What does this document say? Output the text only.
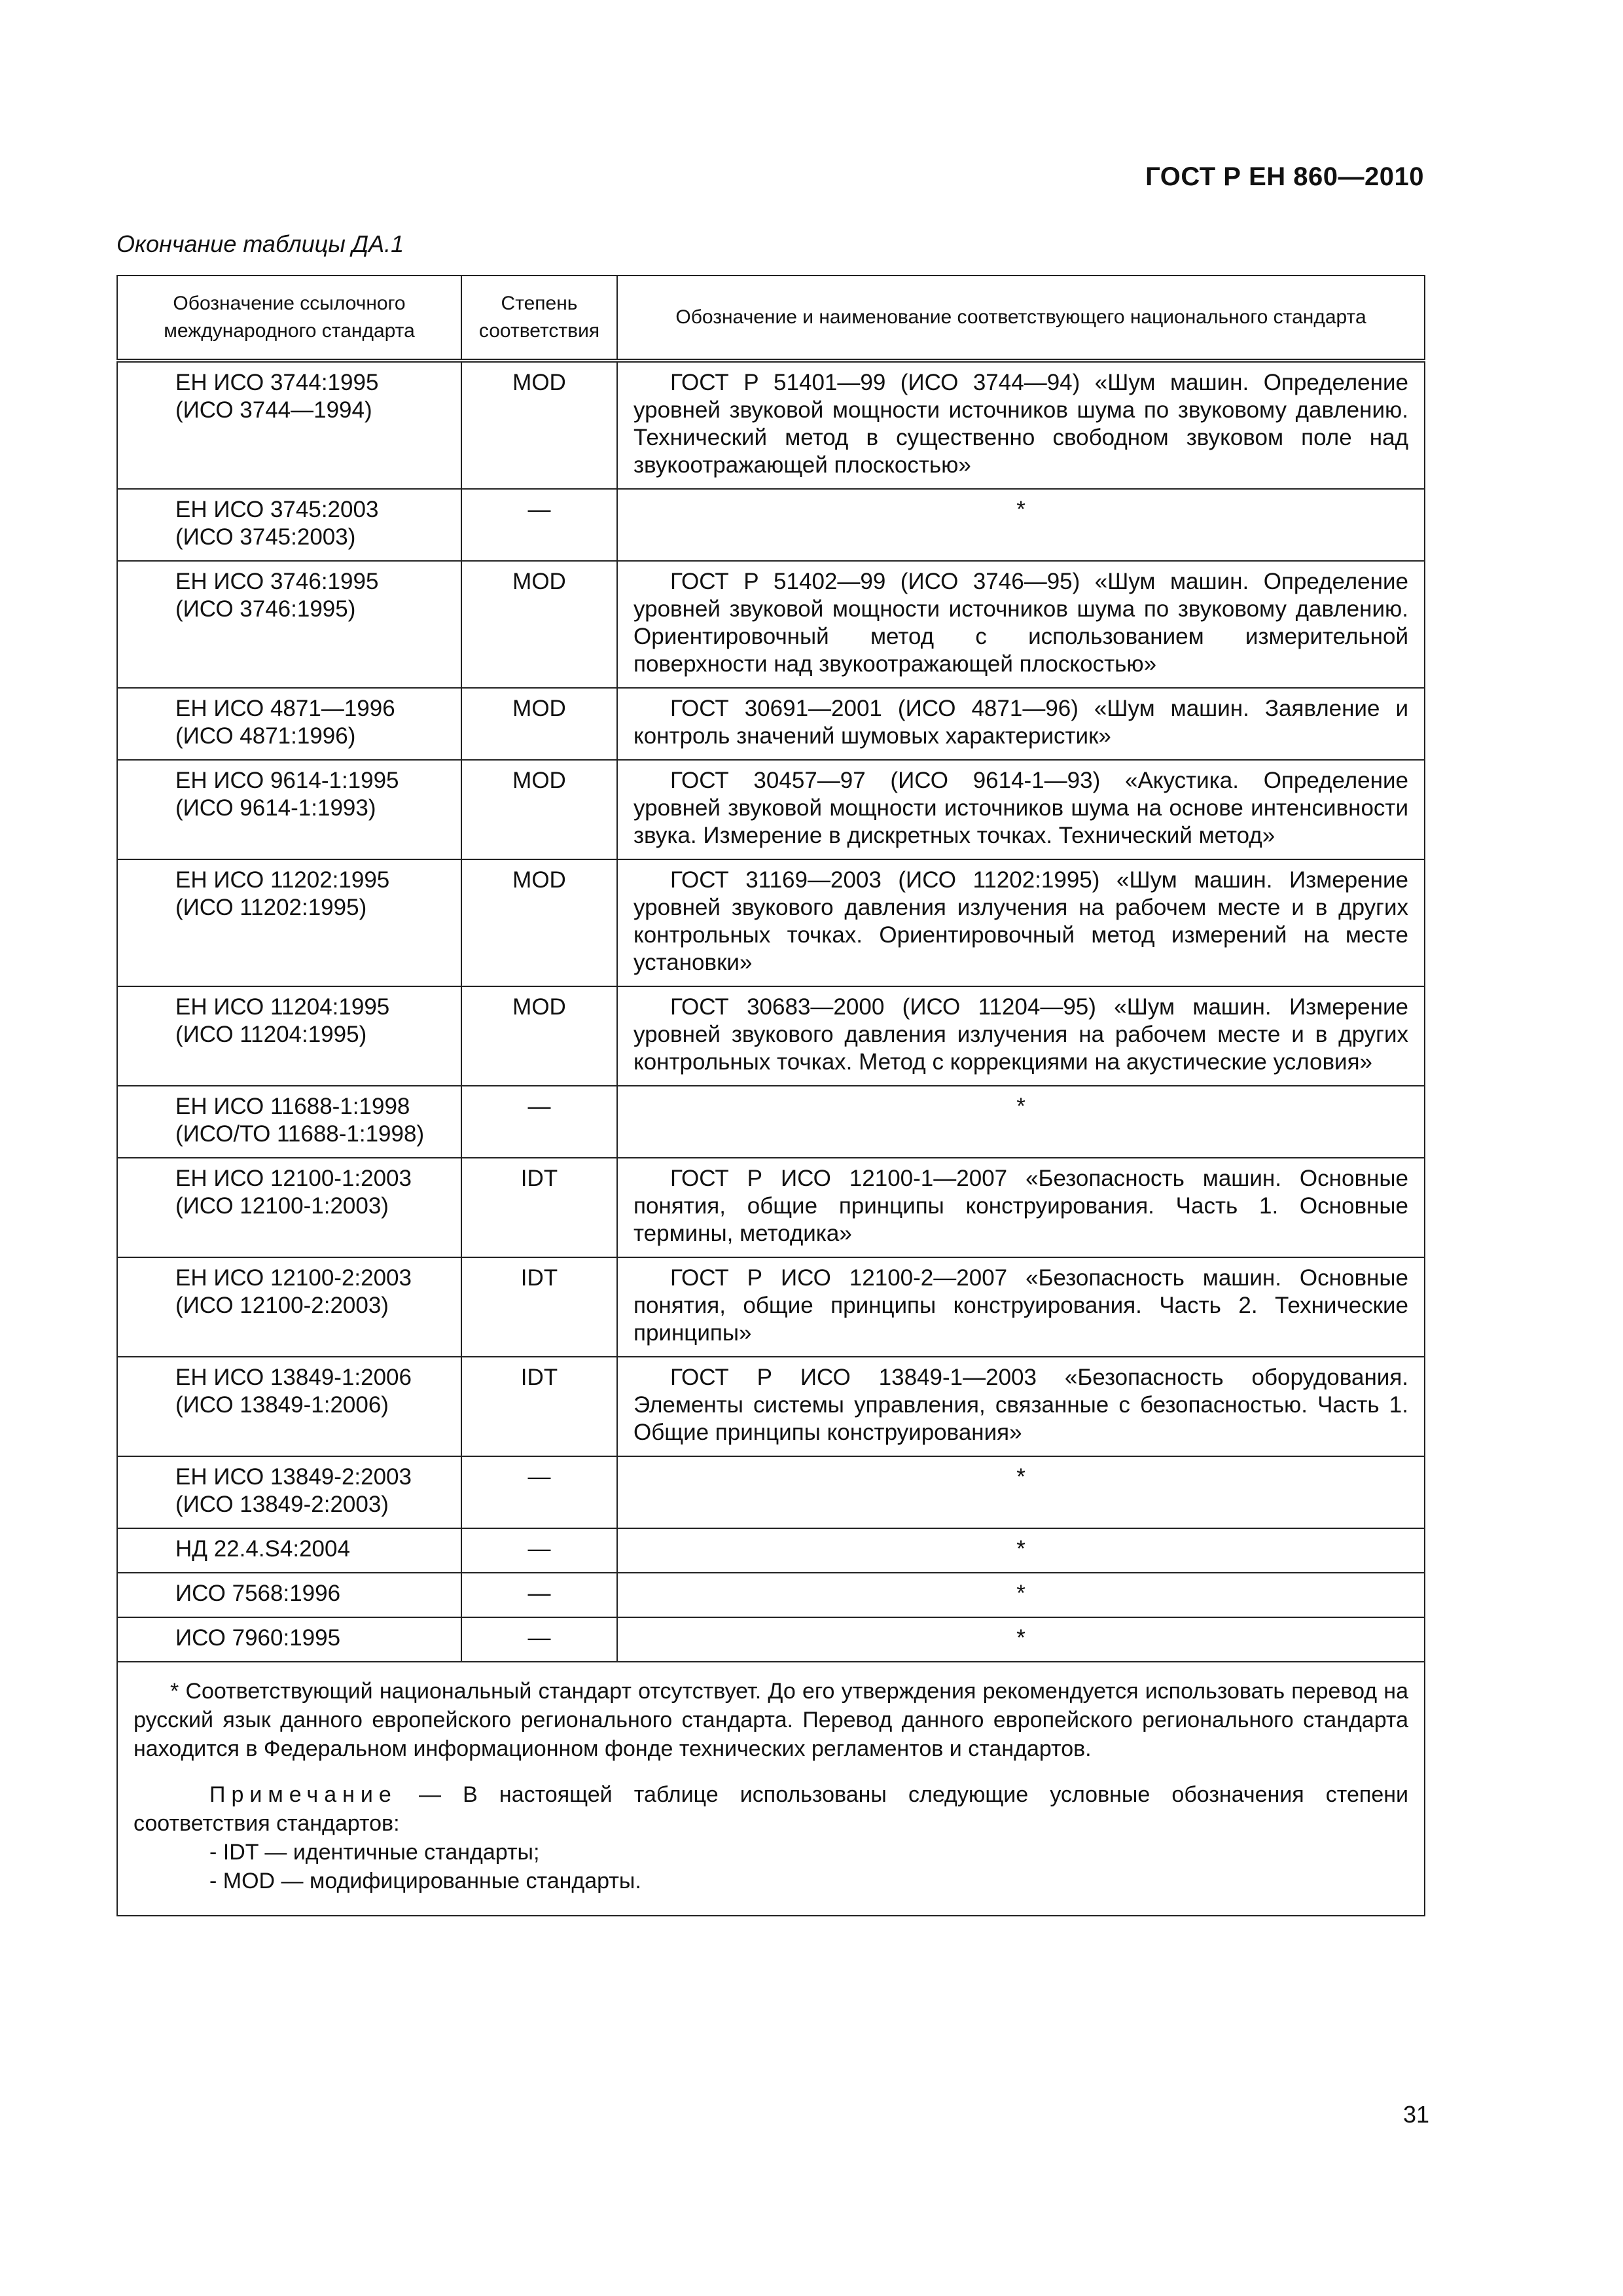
ГОСТ Р ЕН 860—2010
Окончание таблицы ДА.1
Обозначение ссылочного международного стандарта	Степень соответствия	Обозначение и наименование соответствующего национального стандарта

ЕН ИСО 3744:1995
(ИСО 3744—1994)	MOD	ГОСТ Р 51401—99 (ИСО 3744—94) «Шум машин. Определение уровней звуковой мощности источников шума по звуковому давлению. Технический метод в существенно свободном звуковом поле над звукоотражающей плоскостью»

ЕН ИСО 3745:2003
(ИСО 3745:2003)	—	*

ЕН ИСО 3746:1995
(ИСО 3746:1995)	MOD	ГОСТ Р 51402—99 (ИСО 3746—95) «Шум машин. Определение уровней звуковой мощности источников шума по звуковому давлению. Ориентировочный метод с использованием измерительной поверхности над звукоотражающей плоскостью»

ЕН ИСО 4871—1996
(ИСО 4871:1996)	MOD	ГОСТ 30691—2001 (ИСО 4871—96) «Шум машин. Заявление и контроль значений шумовых характеристик»

ЕН ИСО 9614-1:1995
(ИСО 9614-1:1993)	MOD	ГОСТ 30457—97 (ИСО 9614-1—93) «Акустика. Определение уровней звуковой мощности источников шума на основе интенсивности звука. Измерение в дискретных точках. Технический метод»

ЕН ИСО 11202:1995
(ИСО 11202:1995)	MOD	ГОСТ 31169—2003 (ИСО 11202:1995) «Шум машин. Измерение уровней звукового давления излучения на рабочем месте и в других контрольных точках. Ориентировочный метод измерений на месте установки»

ЕН ИСО 11204:1995
(ИСО 11204:1995)	MOD	ГОСТ 30683—2000 (ИСО 11204—95) «Шум машин. Измерение уровней звукового давления излучения на рабочем месте и в других контрольных точках. Метод с коррекциями на акустические условия»

ЕН ИСО 11688-1:1998
(ИСО/ТО 11688-1:1998)	—	*

ЕН ИСО 12100-1:2003
(ИСО 12100-1:2003)	IDT	ГОСТ Р ИСО 12100-1—2007 «Безопасность машин. Основные понятия, общие принципы конструирования. Часть 1. Основные термины, методика»

ЕН ИСО 12100-2:2003
(ИСО 12100-2:2003)	IDT	ГОСТ Р ИСО 12100-2—2007 «Безопасность машин. Основные понятия, общие принципы конструирования. Часть 2. Технические принципы»

ЕН ИСО 13849-1:2006
(ИСО 13849-1:2006)	IDT	ГОСТ Р ИСО 13849-1—2003 «Безопасность оборудования. Элементы системы управления, связанные с безопасностью. Часть 1. Общие принципы конструирования»

ЕН ИСО 13849-2:2003
(ИСО 13849-2:2003)	—	*

НД 22.4.S4:2004	—	*

ИСО 7568:1996	—	*

ИСО 7960:1995	—	*

* Соответствующий национальный стандарт отсутствует. До его утверждения рекомендуется использовать перевод на русский язык данного европейского регионального стандарта. Перевод данного европейского регионального стандарта находится в Федеральном информационном фонде технических регламентов и стандартов.
Примечание — В настоящей таблице использованы следующие условные обозначения степени соответствия стандартов:
- IDT — идентичные стандарты;
- MOD — модифицированные стандарты.		
31
